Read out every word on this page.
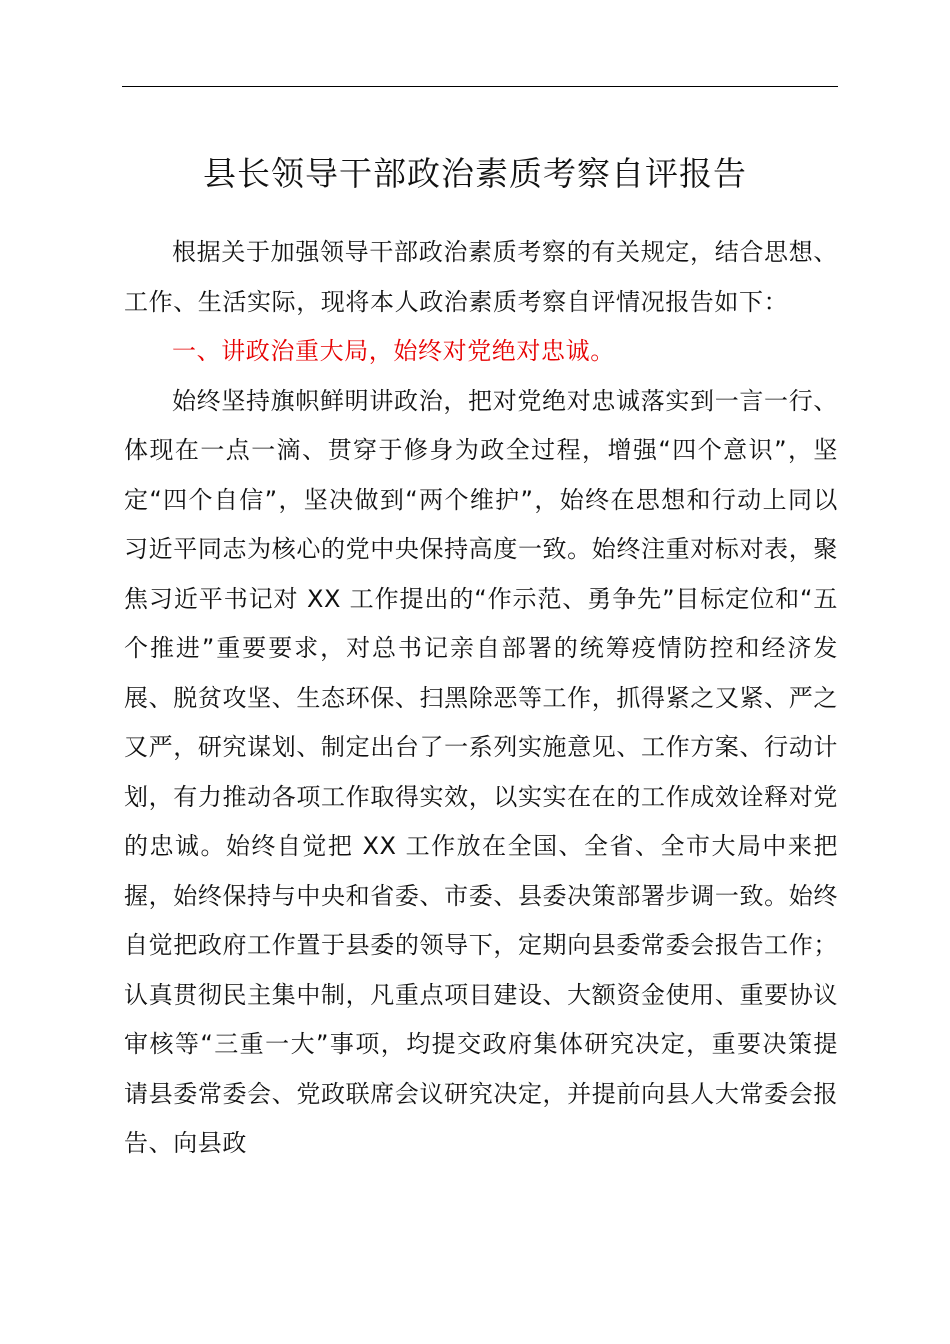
县长领导干部政治素质考察自评报告

根据关于加强领导干部政治素质考察的有关规定，结合思想、工作、生活实际，现将本人政治素质考察自评情况报告如下：

一、讲政治重大局，始终对党绝对忠诚。

始终坚持旗帜鲜明讲政治，把对党绝对忠诚落实到一言一行、体现在一点一滴、贯穿于修身为政全过程，增强“四个意识”，坚定“四个自信”，坚决做到“两个维护”，始终在思想和行动上同以习近平同志为核心的党中央保持高度一致。始终注重对标对表，聚焦习近平书记对 XX 工作提出的“作示范、勇争先”目标定位和“五个推进”重要要求，对总书记亲自部署的统筹疫情防控和经济发展、脱贫攻坚、生态环保、扫黑除恶等工作，抓得紧之又紧、严之又严，研究谋划、制定出台了一系列实施意见、工作方案、行动计划，有力推动各项工作取得实效，以实实在在的工作成效诠释对党的忠诚。始终自觉把 XX 工作放在全国、全省、全市大局中来把握，始终保持与中央和省委、市委、县委决策部署步调一致。始终自觉把政府工作置于县委的领导下，定期向县委常委会报告工作；认真贯彻民主集中制，凡重点项目建设、大额资金使用、重要协议审核等“三重一大”事项，均提交政府集体研究决定，重要决策提请县委常委会、党政联席会议研究决定，并提前向县人大常委会报告、向县政
